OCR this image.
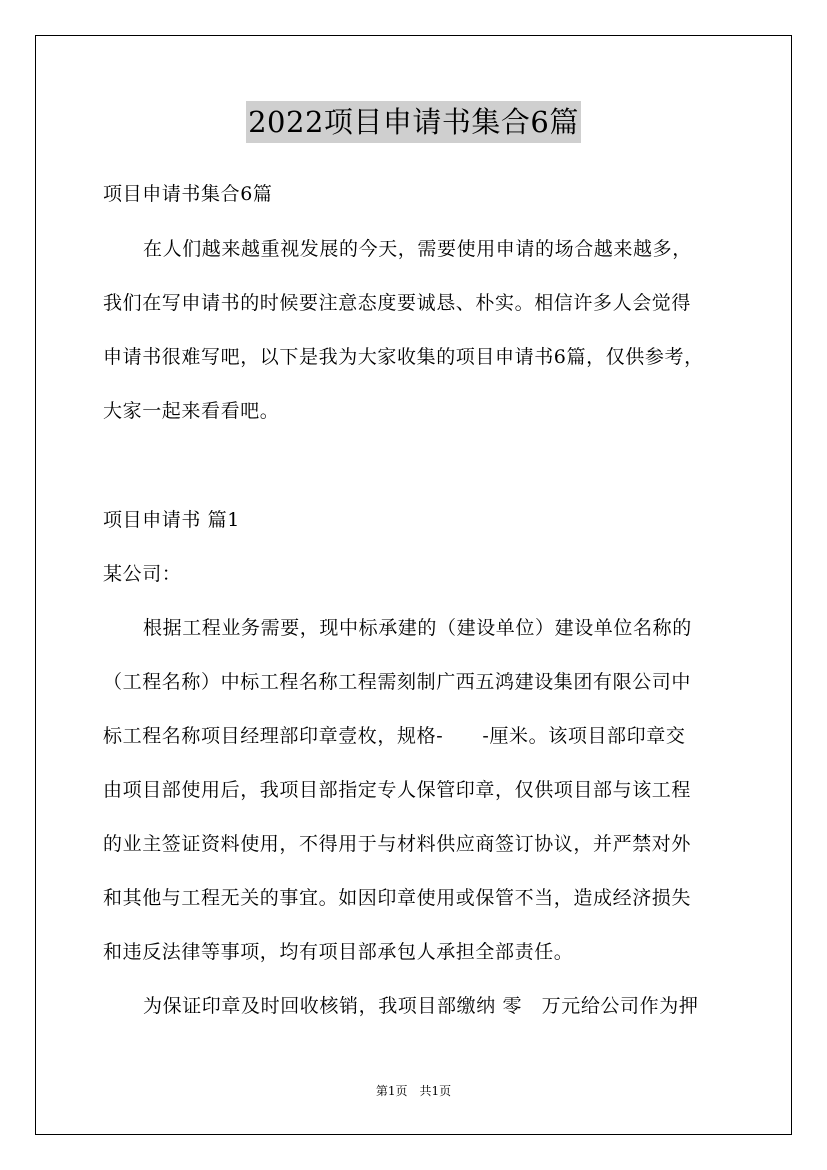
2022项目申请书集合6篇
项目申请书集合6篇
在人们越来越重视发展的今天，需要使用申请的场合越来越多，
我们在写申请书的时候要注意态度要诚恳、朴实。相信许多人会觉得
申请书很难写吧，以下是我为大家收集的项目申请书6篇，仅供参考，
大家一起来看看吧。
项目申请书 篇1
某公司：
根据工程业务需要，现中标承建的（建设单位）建设单位名称的
（工程名称）中标工程名称工程需刻制广西五鸿建设集团有限公司中
标工程名称项目经理部印章壹枚，规格-　　-厘米。该项目部印章交
由项目部使用后，我项目部指定专人保管印章，仅供项目部与该工程
的业主签证资料使用，不得用于与材料供应商签订协议，并严禁对外
和其他与工程无关的事宜。如因印章使用或保管不当，造成经济损失
和违反法律等事项，均有项目部承包人承担全部责任。
为保证印章及时回收核销，我项目部缴纳 零　万元给公司作为押
第1页　共1页
